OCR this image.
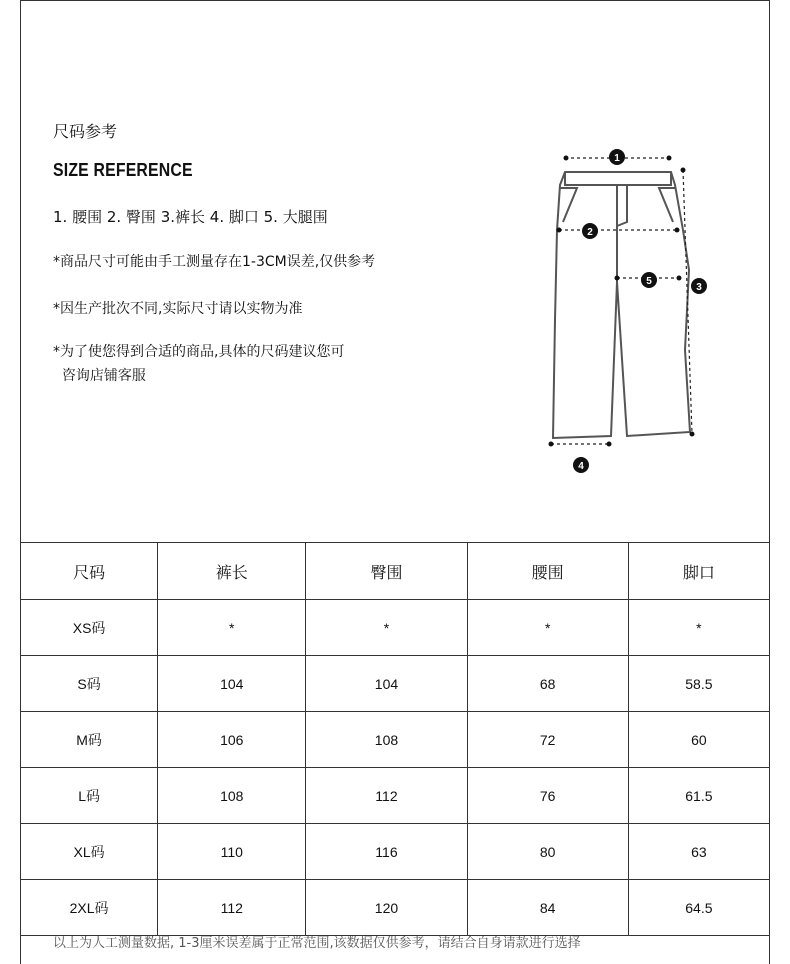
尺码参考
SIZE REFERENCE
1. 腰围 2. 臀围 3.裤长 4. 脚口 5. 大腿围
*商品尺寸可能由手工测量存在1-3CM误差,仅供参考
*因生产批次不同,实际尺寸请以实物为准
*为了使您得到合适的商品,具体的尺码建议您可
咨询店铺客服
1
2
3
4
5
尺码	裤长	臀围	腰围	脚口
XS码	*	*	*	*
S码	104	104	68	58.5
M码	106	108	72	60
L码	108	112	76	61.5
XL码	110	116	80	63
2XL码	112	120	84	64.5
以上为人工测量数据, 1-3厘米误差属于正常范围,该数据仅供参考，请结合自身请款进行选择
